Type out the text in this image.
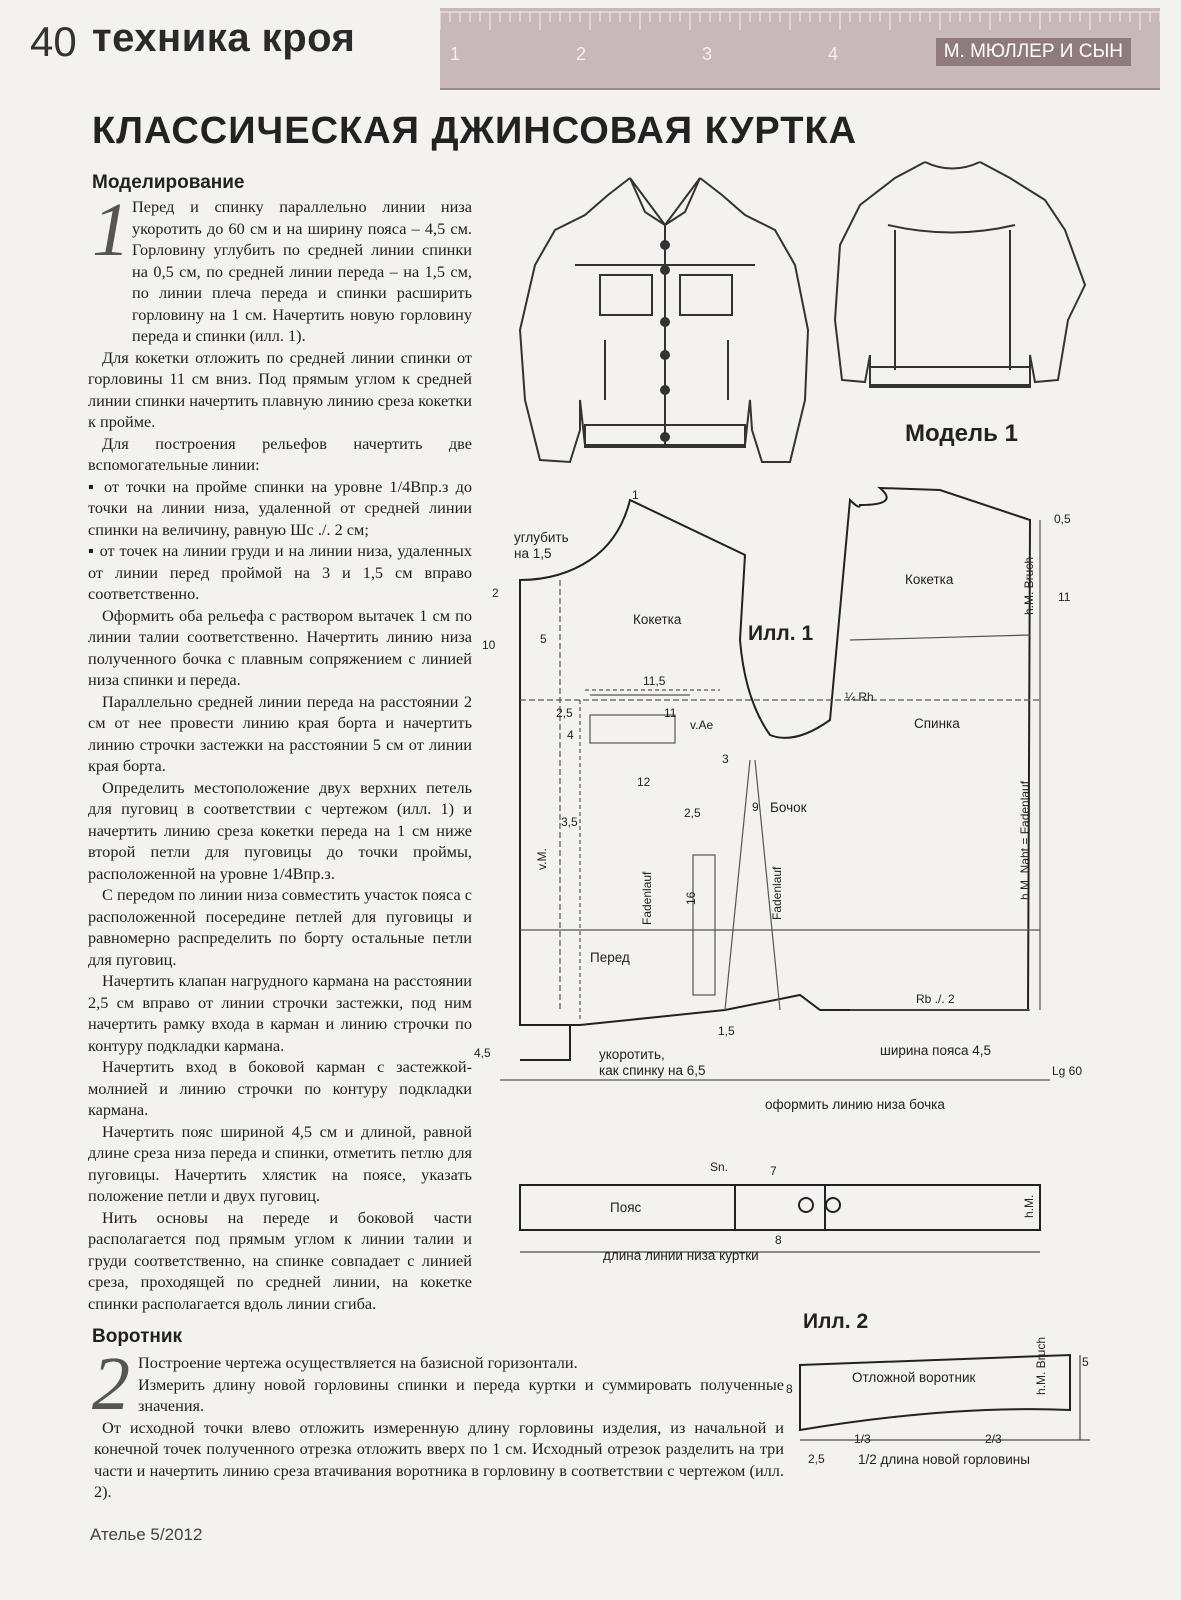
40 техника кроя	1	2	3	4	М. МЮЛЛЕР И СЫН
КЛАССИЧЕСКАЯ ДЖИНСОВАЯ КУРТКА
Моделирование
1 Перед и спинку параллельно линии низа укоротить до 60 см и на ширину пояса – 4,5 см. Горловину углубить по средней линии спинки на 0,5 см, по средней линии переда – на 1,5 см, по линии плеча переда и спинки расширить горловину на 1 см. Начертить новую горловину переда и спинки (илл. 1).

Для кокетки отложить по средней линии спинки от горловины 11 см вниз. Под прямым углом к средней линии спинки начертить плавную линию среза кокетки к пройме.

Для построения рельефов начертить две вспомогательные линии:

▪ от точки на пройме спинки на уровне 1/4Впр.з до точки на линии низа, удаленной от средней линии спинки на величину, равную Шс ./. 2 см;

▪ от точек на линии груди и на линии низа, удаленных от линии перед проймой на 3 и 1,5 см вправо соответственно.

Оформить оба рельефа с раствором вытачек 1 см по линии талии соответственно. Начертить линию низа полученного бочка с плавным сопряжением с линией низа спинки и переда.

Параллельно средней линии переда на расстоянии 2 см от нее провести линию края борта и начертить линию строчки застежки на расстоянии 5 см от линии края борта.

Определить местоположение двух верхних петель для пуговиц в соответствии с чертежом (илл. 1) и начертить линию среза кокетки переда на 1 см ниже второй петли для пуговицы до точки проймы, расположенной на уровне 1/4Впр.з.

С передом по линии низа совместить участок пояса с расположенной посередине петлей для пуговицы и равномерно распределить по борту остальные петли для пуговиц.

Начертить клапан нагрудного кармана на расстоянии 2,5 см вправо от линии строчки застежки, под ним начертить рамку входа в карман и линию строчки по контуру подкладки кармана.

Начертить вход в боковой карман с застежкой-молнией и линию строчки по контуру подкладки кармана.

Начертить пояс шириной 4,5 см и длиной, равной длине среза низа переда и спинки, отметить петлю для пуговицы. Начертить хлястик на поясе, указать положение петли и двух пуговиц.

Нить основы на переде и боковой части располагается под прямым углом к линии талии и груди соответственно, на спинке совпадает с линией среза, проходящей по средней линии, на кокетке спинки располагается вдоль линии сгиба.

Воротник
2 Построение чертежа осуществляется на базисной горизонтали.

Измерить длину новой горловины спинки и переда куртки и суммировать полученные значения.

От исходной точки влево отложить измеренную длину горловины изделия, из начальной и конечной точек полученного отрезка отложить вверх по 1 см. Исходный отрезок разделить на три части и начертить линию среза втачивания воротника в горловину в соответствии с чертежом (илл. 2).

Модель 1
Илл. 1
Илл. 2
углубить
на 1,5
Кокетка
Кокетка
Спинка
Бочок
Перед
¼ Rh
v.Ae
v.M.
Fadenlauf	Fadenlauf
h.M. Bruch
h.M. Naht = Fadenlauf
Rb ./. 2
ширина пояса 4,5
Lg 60
укоротить,
как спинку на 6,5
оформить линию низа бочка
Пояс
Sn.
h.M.
длина линии низа куртки
Отложной воротник	h.M. Bruch
1/2 длина новой горловины
1
2
10	5
11,5
2,5
4
11
12
3
3,5
2,5	9
16
1,5
4,5
0,5
11
7
8
8
5
1/3	2/3
2,5
Ателье 5/2012
